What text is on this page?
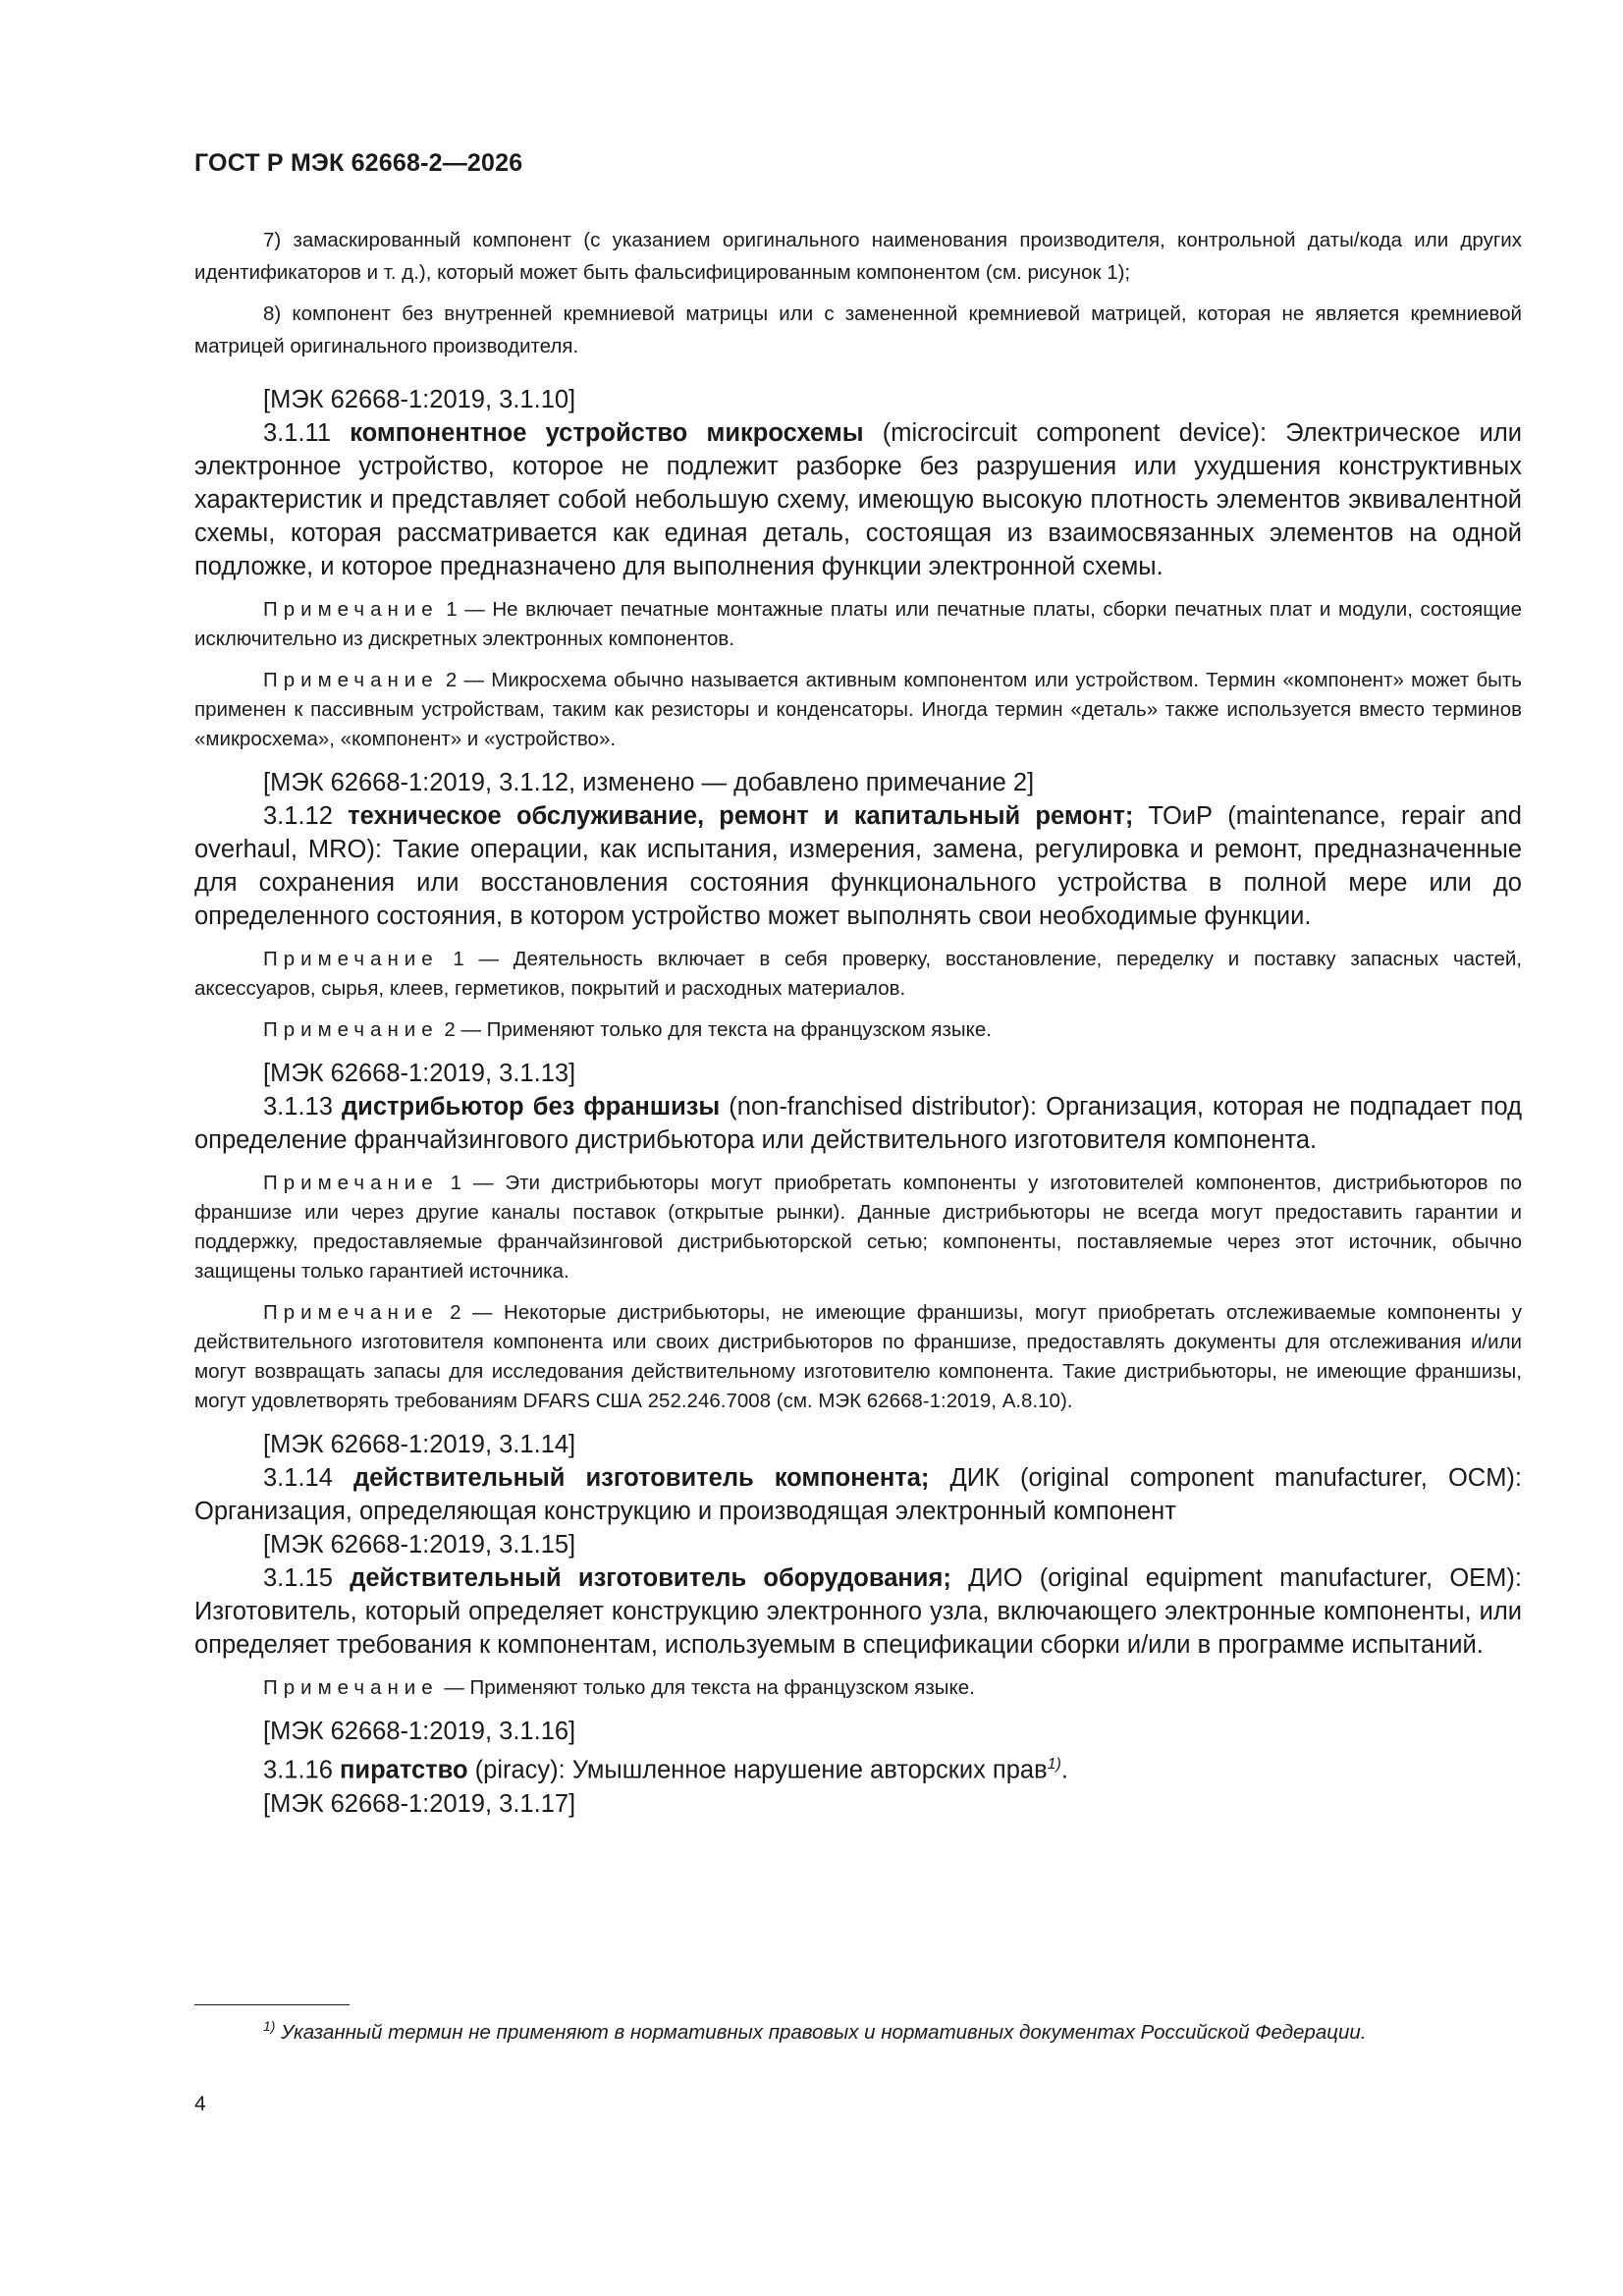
ГОСТ Р МЭК 62668-2—2026

7) замаскированный компонент (с указанием оригинального наименования производителя, контрольной даты/кода или других идентификаторов и т. д.), который может быть фальсифицированным компонентом (см. рисунок 1);

8) компонент без внутренней кремниевой матрицы или с замененной кремниевой матрицей, которая не является кремниевой матрицей оригинального производителя.

[МЭК 62668-1:2019, 3.1.10]

3.1.11 компонентное устройство микросхемы (microcircuit component device): Электрическое или электронное устройство, которое не подлежит разборке без разрушения или ухудшения конструктивных характеристик и представляет собой небольшую схему, имеющую высокую плотность элементов эквивалентной схемы, которая рассматривается как единая деталь, состоящая из взаимосвязанных элементов на одной подложке, и которое предназначено для выполнения функции электронной схемы.

Примечание 1 — Не включает печатные монтажные платы или печатные платы, сборки печатных плат и модули, состоящие исключительно из дискретных электронных компонентов.

Примечание 2 — Микросхема обычно называется активным компонентом или устройством. Термин «компонент» может быть применен к пассивным устройствам, таким как резисторы и конденсаторы. Иногда термин «деталь» также используется вместо терминов «микросхема», «компонент» и «устройство».

[МЭК 62668-1:2019, 3.1.12, изменено — добавлено примечание 2]

3.1.12 техническое обслуживание, ремонт и капитальный ремонт; ТОиР (maintenance, repair and overhaul, MRO): Такие операции, как испытания, измерения, замена, регулировка и ремонт, предназначенные для сохранения или восстановления состояния функционального устройства в полной мере или до определенного состояния, в котором устройство может выполнять свои необходимые функции.

Примечание 1 — Деятельность включает в себя проверку, восстановление, переделку и поставку запасных частей, аксессуаров, сырья, клеев, герметиков, покрытий и расходных материалов.

Примечание 2 — Применяют только для текста на французском языке.

[МЭК 62668-1:2019, 3.1.13]

3.1.13 дистрибьютор без франшизы (non-franchised distributor): Организация, которая не подпадает под определение франчайзингового дистрибьютора или действительного изготовителя компонента.

Примечание 1 — Эти дистрибьюторы могут приобретать компоненты у изготовителей компонентов, дистрибьюторов по франшизе или через другие каналы поставок (открытые рынки). Данные дистрибьюторы не всегда могут предоставить гарантии и поддержку, предоставляемые франчайзинговой дистрибьюторской сетью; компоненты, поставляемые через этот источник, обычно защищены только гарантией источника.

Примечание 2 — Некоторые дистрибьюторы, не имеющие франшизы, могут приобретать отслеживаемые компоненты у действительного изготовителя компонента или своих дистрибьюторов по франшизе, предоставлять документы для отслеживания и/или могут возвращать запасы для исследования действительному изготовителю компонента. Такие дистрибьюторы, не имеющие франшизы, могут удовлетворять требованиям DFARS США 252.246.7008 (см. МЭК 62668-1:2019, А.8.10).

[МЭК 62668-1:2019, 3.1.14]

3.1.14 действительный изготовитель компонента; ДИК (original component manufacturer, OCM): Организация, определяющая конструкцию и производящая электронный компонент

[МЭК 62668-1:2019, 3.1.15]

3.1.15 действительный изготовитель оборудования; ДИО (original equipment manufacturer, OEM): Изготовитель, который определяет конструкцию электронного узла, включающего электронные компоненты, или определяет требования к компонентам, используемым в спецификации сборки и/или в программе испытаний.

Примечание — Применяют только для текста на французском языке.

[МЭК 62668-1:2019, 3.1.16]

3.1.16 пиратство (piracy): Умышленное нарушение авторских прав$^{1)}$.

[МЭК 62668-1:2019, 3.1.17]

$^{1)}$ Указанный термин не применяют в нормативных правовых и нормативных документах Российской Федерации.

4
